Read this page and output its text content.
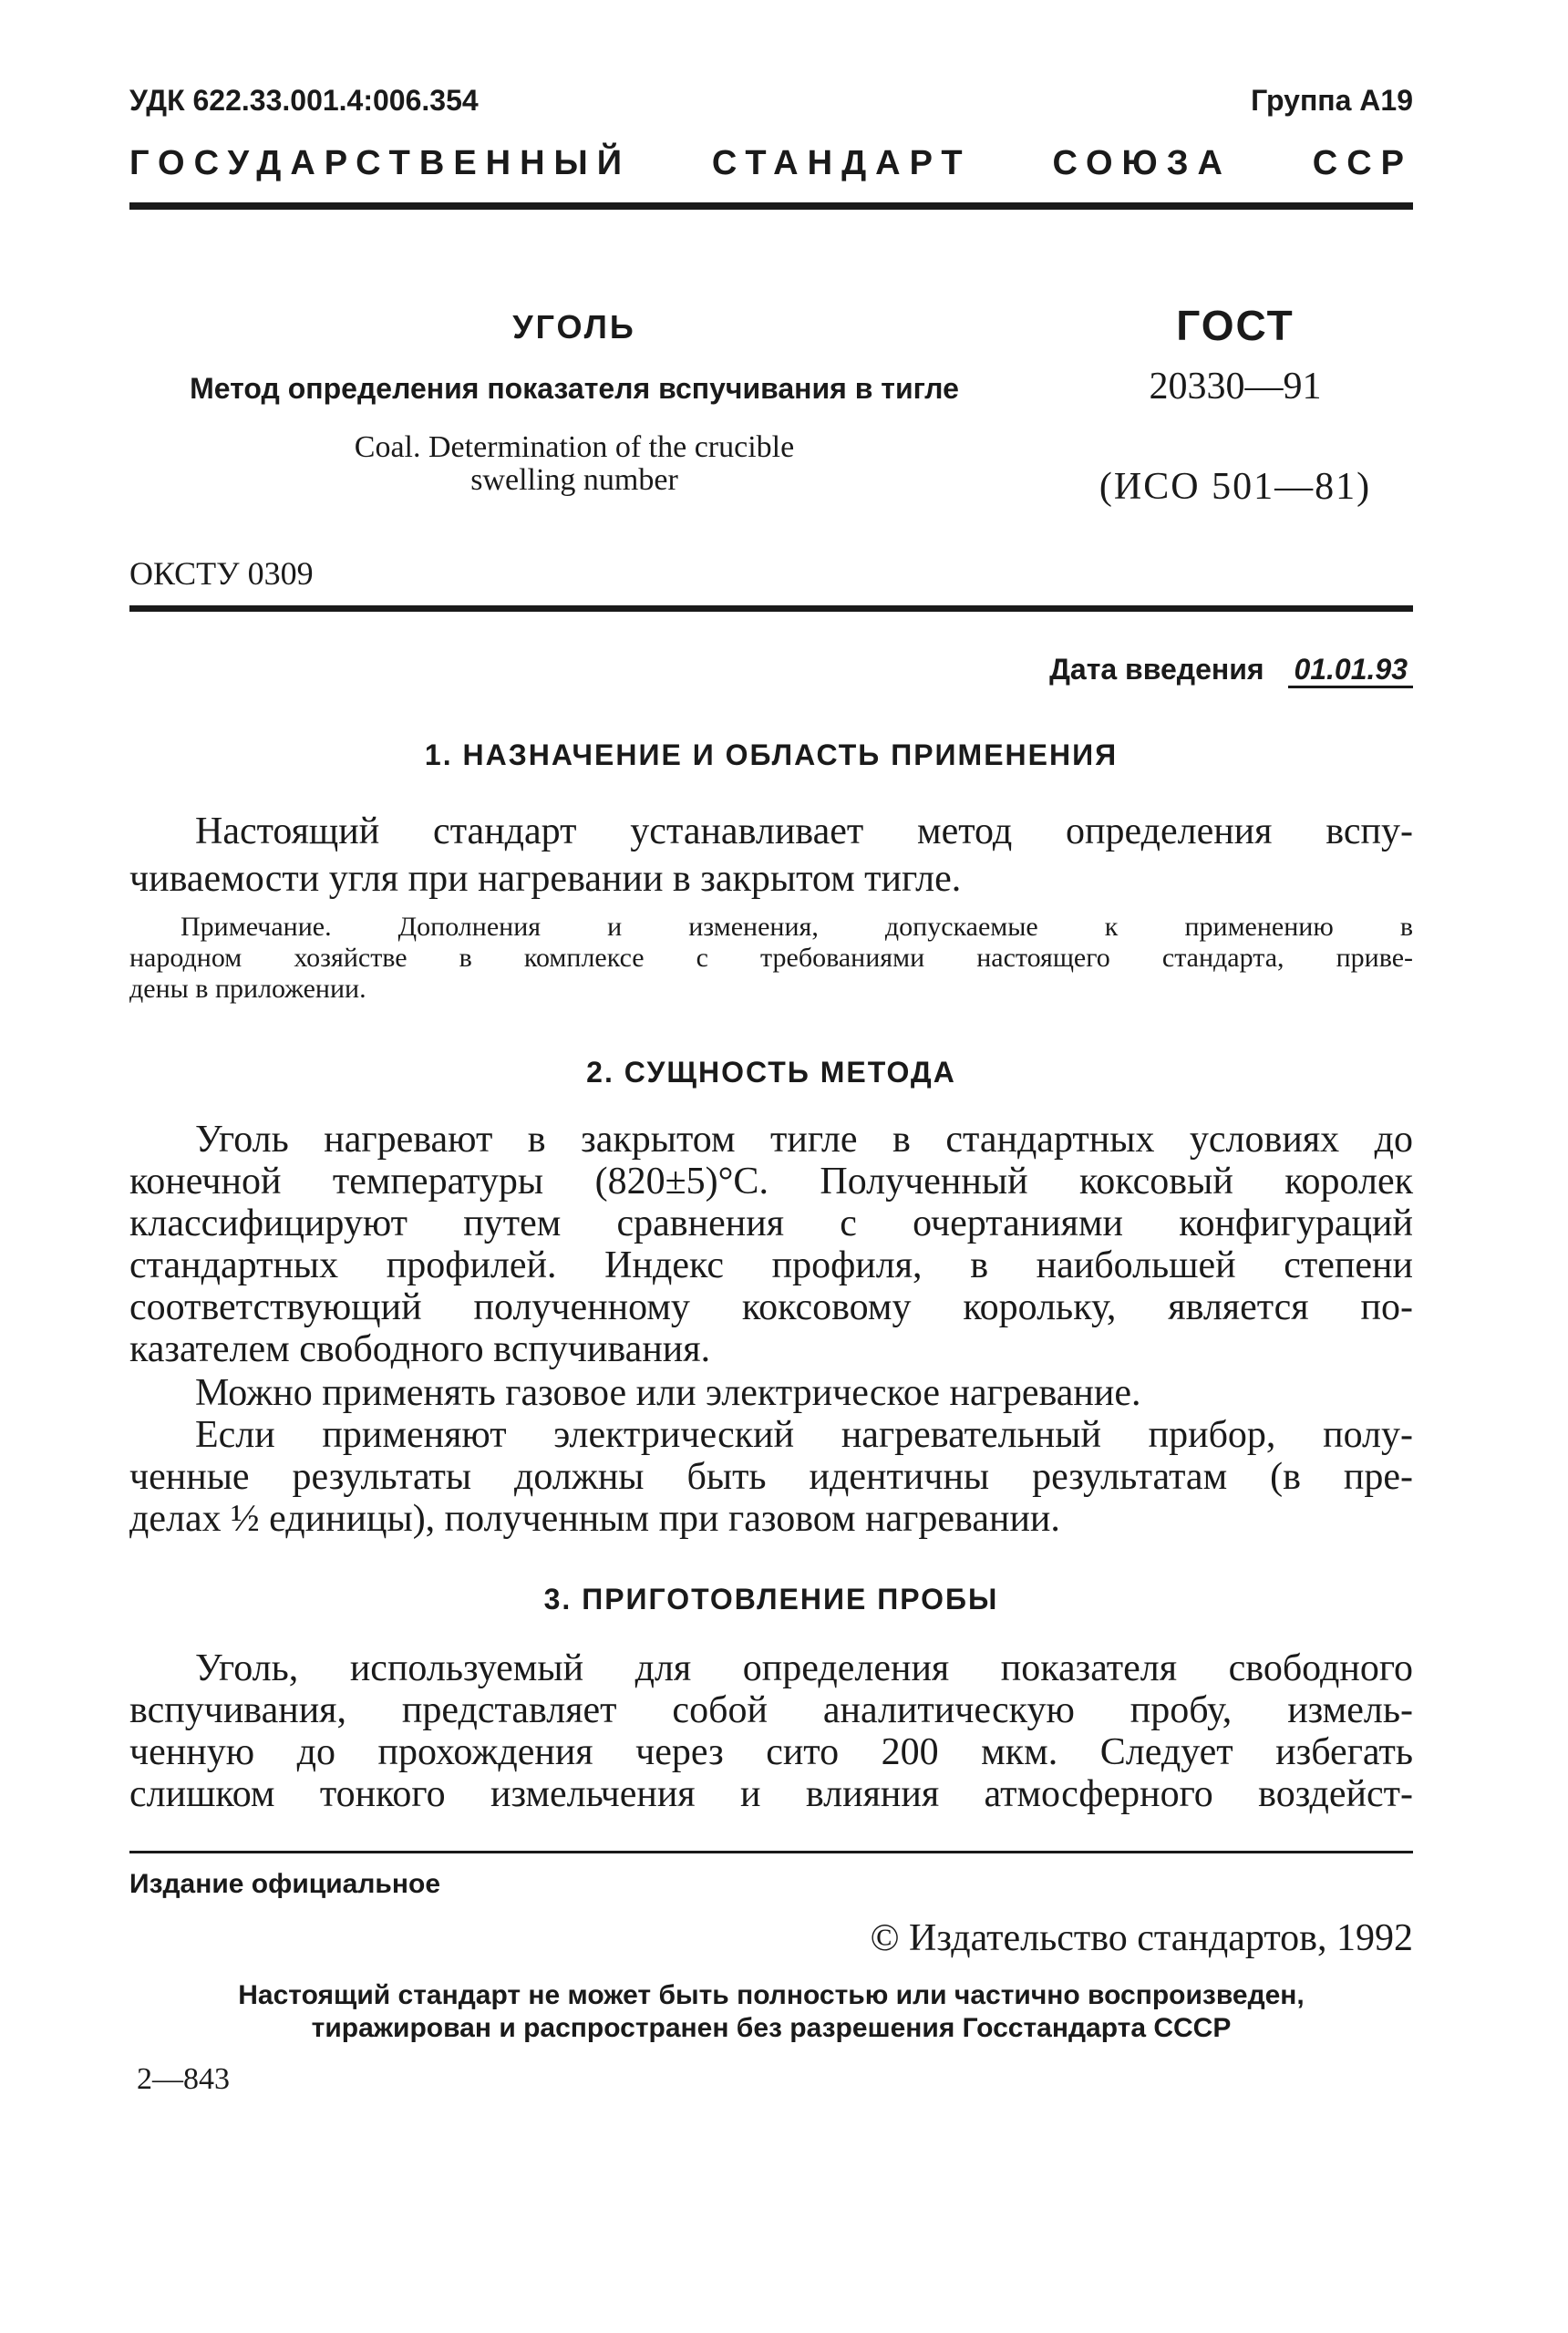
УДК 622.33.001.4:006.354	Группа А19
ГОСУДАРСТВЕННЫЙ СТАНДАРТ СОЮЗА ССР
УГОЛЬ
Метод определения показателя вспучивания в тигле
Coal. Determination of the crucible
swelling number
ГОСТ
20330—91
(ИСО 501—81)
ОКСТУ 0309
Дата введения 01.01.93
1. НАЗНАЧЕНИЕ И ОБЛАСТЬ ПРИМЕНЕНИЯ
Настоящий стандарт устанавливает метод определения вспу-
чиваемости угля при нагревании в закрытом тигле.
Примечание. Дополнения и изменения, допускаемые к применению в
народном хозяйстве в комплексе с требованиями настоящего стандарта, приве-
дены в приложении.
2. СУЩНОСТЬ МЕТОДА
Уголь нагревают в закрытом тигле в стандартных условиях до
конечной температуры (820±5)°С. Полученный коксовый королек
классифицируют путем сравнения с очертаниями конфигураций
стандартных профилей. Индекс профиля, в наибольшей степени
соответствующий полученному коксовому корольку, является по-
казателем свободного вспучивания.
Можно применять газовое или электрическое нагревание.
Если применяют электрический нагревательный прибор, полу-
ченные результаты должны быть идентичны результатам (в пре-
делах ½ единицы), полученным при газовом нагревании.
3. ПРИГОТОВЛЕНИЕ ПРОБЫ
Уголь, используемый для определения показателя свободного
вспучивания, представляет собой аналитическую пробу, измель-
ченную до прохождения через сито 200 мкм. Следует избегать
слишком тонкого измельчения и влияния атмосферного воздейст-
Издание официальное
© Издательство стандартов, 1992
Настоящий стандарт не может быть полностью или частично воспроизведен,
тиражирован и распространен без разрешения Госстандарта СССР
2—843
